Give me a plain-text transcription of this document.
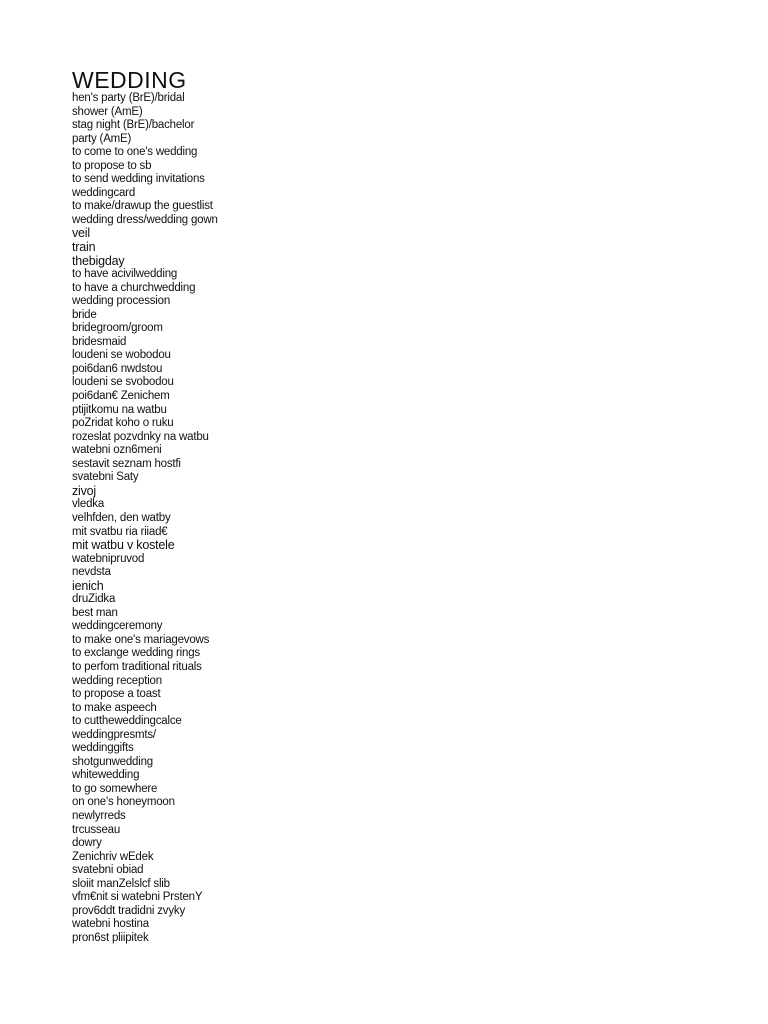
WEDDING
hen's party (BrE)/bridal
shower (AmE)
stag night (BrE)/bachelor
party (AmE)
to come to one's wedding
to propose to sb
to send wedding invitations
weddingcard
to make/drawup the guestlist
wedding dress/wedding gown
veil
train
thebigday
to have acivilwedding
to have a churchwedding
wedding procession
bride
bridegroom/groom
bridesmaid
loudeni se wobodou
poi6dan6 nwdstou
loudeni se svobodou
poi6dan€ Zenichem
ptijitkomu na watbu
poZridat koho o ruku
rozeslat pozvdnky na watbu
watebni ozn6meni
sestavit seznam hostfi
svatebni Saty
zivoj
vledka
velhfden, den watby
mit svatbu ria riiad€
mit watbu v kostele
watebnipruvod
nevdsta
ienich
druZidka
best man
weddingceremony
to make one's mariagevows
to exclange wedding rings
to perfom traditional rituals
wedding reception
to propose a toast
to make aspeech
to cuttheweddingcalce
weddingpresmts/
weddinggifts
shotgunwedding
whitewedding
to go somewhere
on one's honeymoon
newlyrreds
trcusseau
dowry
Zenichriv wEdek
svatebni obiad
sloiit manZelslcf slib
vfm€nit si watebni PrstenY
prov6ddt tradidni zvyky
watebni hostina
pron6st pliipitek
